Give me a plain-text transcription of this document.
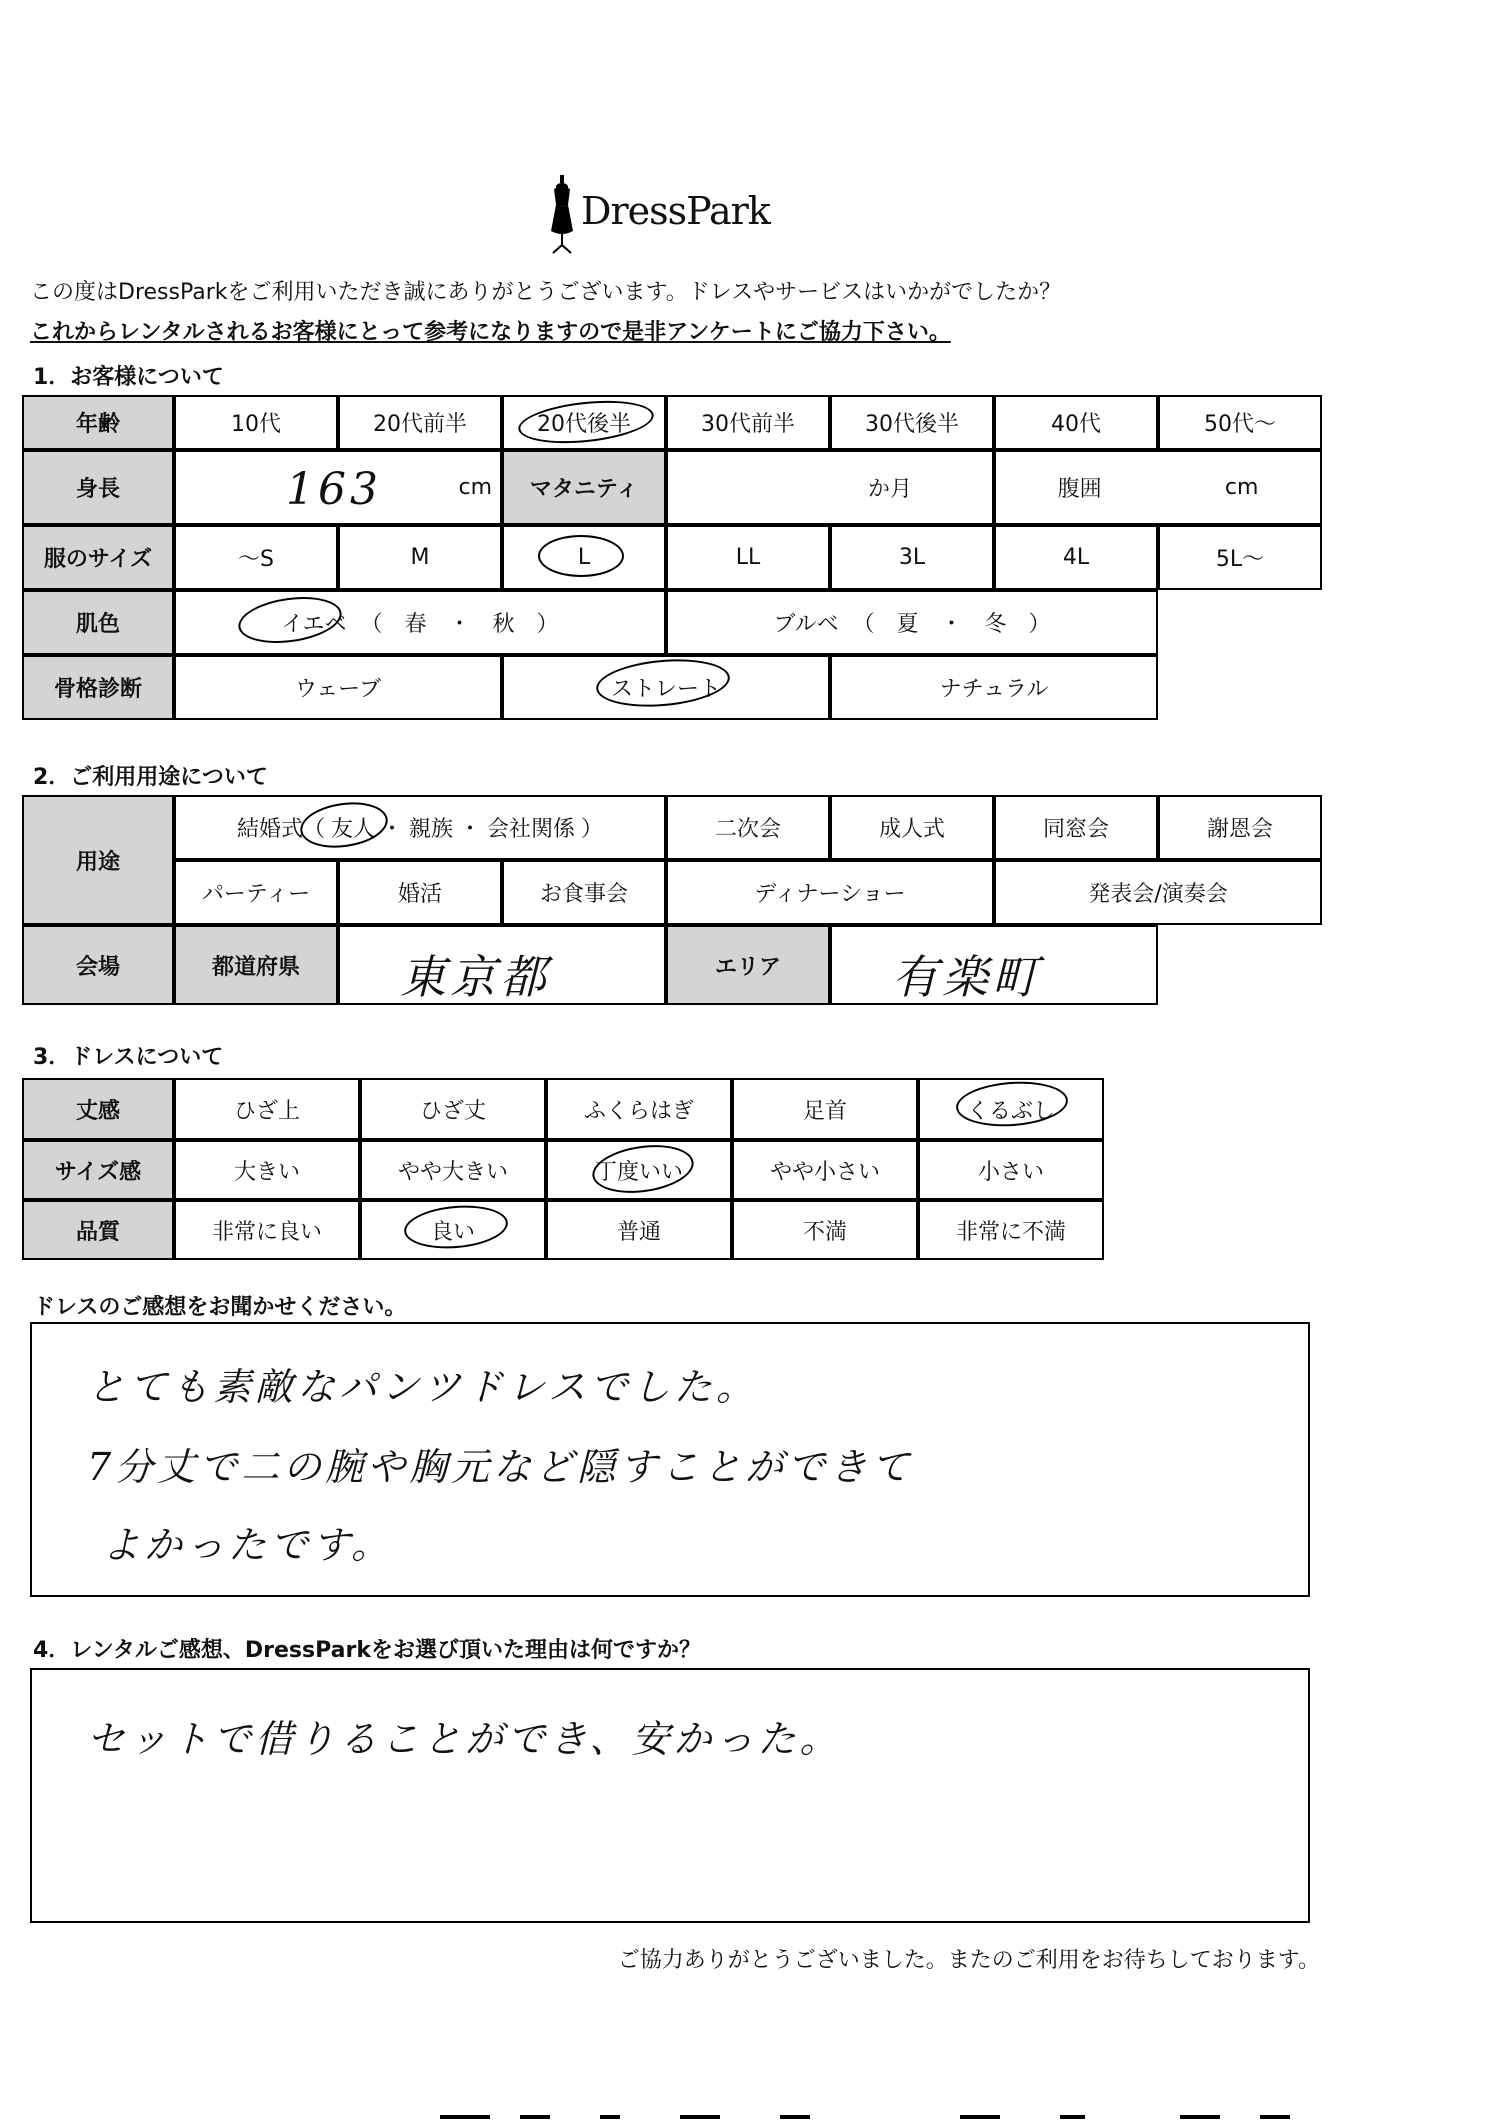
DressPark
この度はDressParkをご利用いただき誠にありがとうございます。ドレスやサービスはいかがでしたか？
これからレンタルされるお客様にとって参考になりますので是非アンケートにご協力下さい。
1．お客様について
年齢	10代	20代前半	20代後半	30代前半	30代後半	40代	50代～
身長	163	cm	マタニティ	か月	腹囲	cm
服のサイズ	～S	M	L	LL	3L	4L	5L～
肌色	イエベ （　春　・　秋　）	ブルベ （　夏　・　冬　）
骨格診断	ウェーブ	ストレート	ナチュラル
2．ご利用用途について
用途
結婚式（ 友人 ・ 親族 ・ 会社関係 ）	二次会	成人式	同窓会	謝恩会
パーティー	婚活	お食事会	ディナーショー	発表会/演奏会
会場	都道府県	東京都	エリア	有楽町
3．ドレスについて
丈感	ひざ上	ひざ丈	ふくらはぎ	足首	くるぶし
サイズ感	大きい	やや大きい	丁度いい	やや小さい	小さい
品質	非常に良い	良い	普通	不満	非常に不満
ドレスのご感想をお聞かせください。
とても素敵なパンツドレスでした。
7分丈で二の腕や胸元など隠すことができて
よかったです。
4．レンタルご感想、DressParkをお選び頂いた理由は何ですか？
セットで借りることができ、安かった。
ご協力ありがとうございました。またのご利用をお待ちしております。
